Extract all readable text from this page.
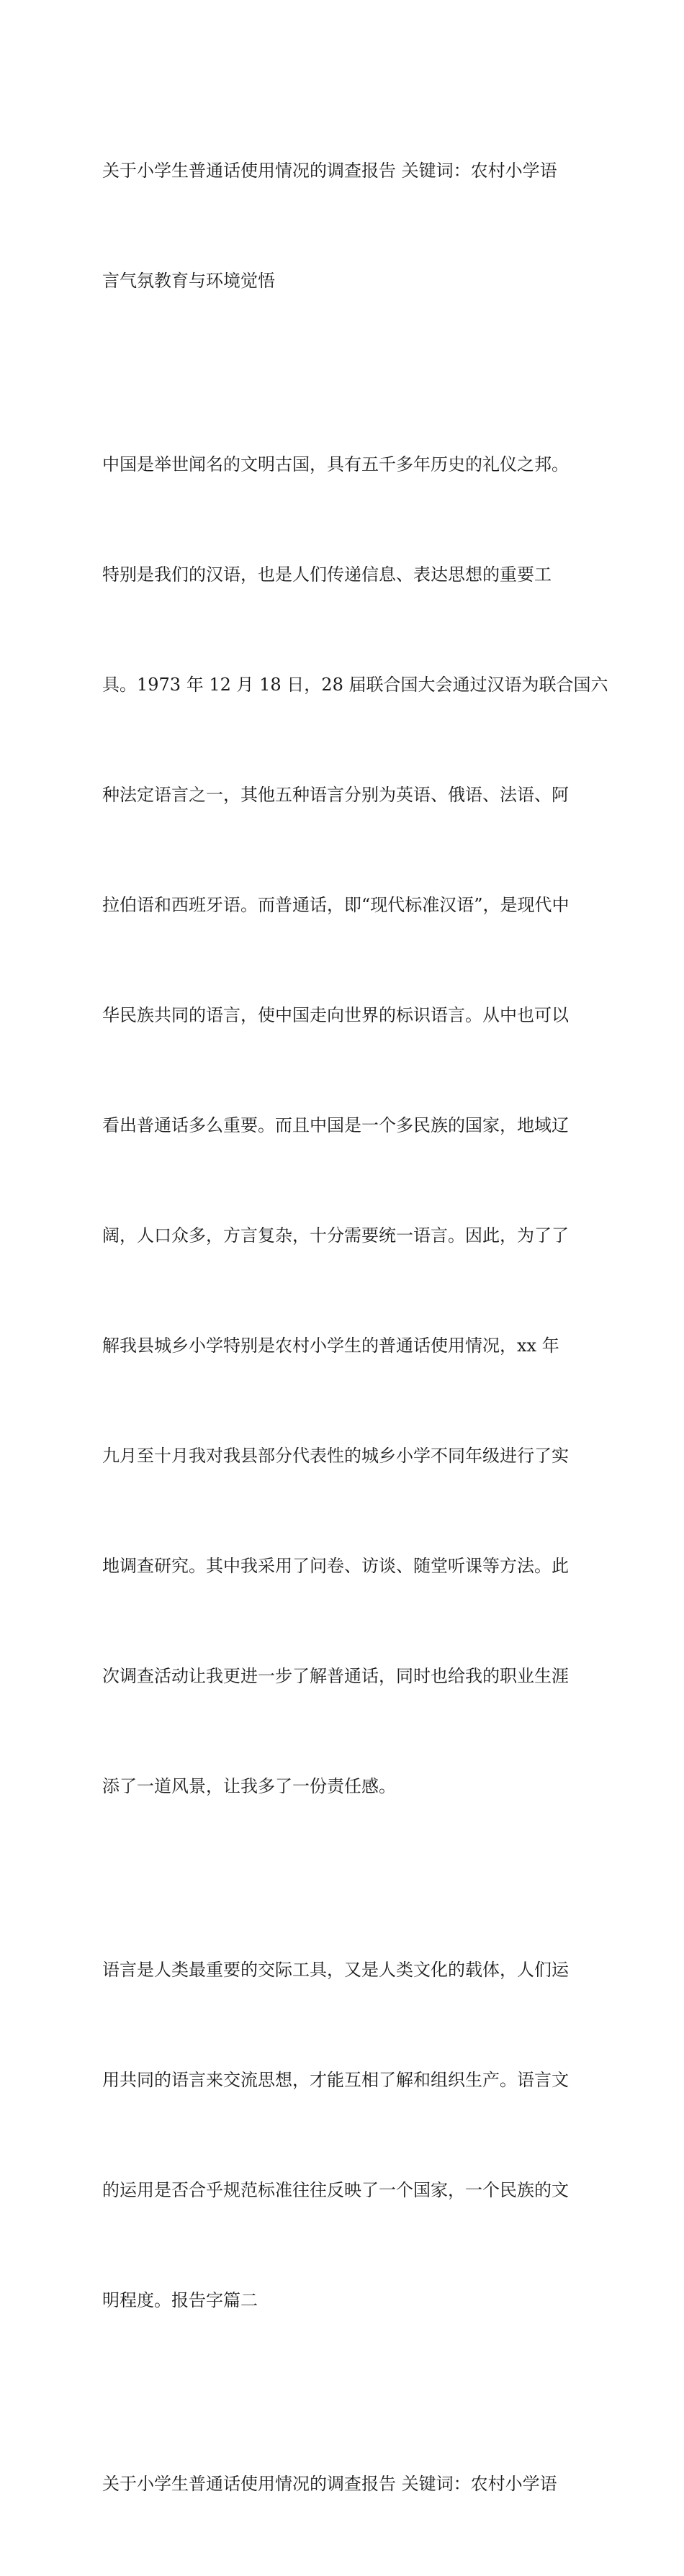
关于小学生普通话使用情况的调查报告 关键词：农村小学语

言气氛教育与环境觉悟

中国是举世闻名的文明古国，具有五千多年历史的礼仪之邦。

特别是我们的汉语，也是人们传递信息、表达思想的重要工

具。1973 年 12 月 18 日，28 届联合国大会通过汉语为联合国六

种法定语言之一，其他五种语言分别为英语、俄语、法语、阿

拉伯语和西班牙语。而普通话，即“现代标准汉语”，是现代中

华民族共同的语言，使中国走向世界的标识语言。从中也可以

看出普通话多么重要。而且中国是一个多民族的国家，地域辽

阔，人口众多，方言复杂，十分需要统一语言。因此，为了了

解我县城乡小学特别是农村小学生的普通话使用情况，xx 年

九月至十月我对我县部分代表性的城乡小学不同年级进行了实

地调查研究。其中我采用了问卷、访谈、随堂听课等方法。此

次调查活动让我更进一步了解普通话，同时也给我的职业生涯

添了一道风景，让我多了一份责任感。

语言是人类最重要的交际工具，又是人类文化的载体，人们运

用共同的语言来交流思想，才能互相了解和组织生产。语言文

的运用是否合乎规范标准往往反映了一个国家，一个民族的文

明程度。报告字篇二

关于小学生普通话使用情况的调查报告 关键词：农村小学语
